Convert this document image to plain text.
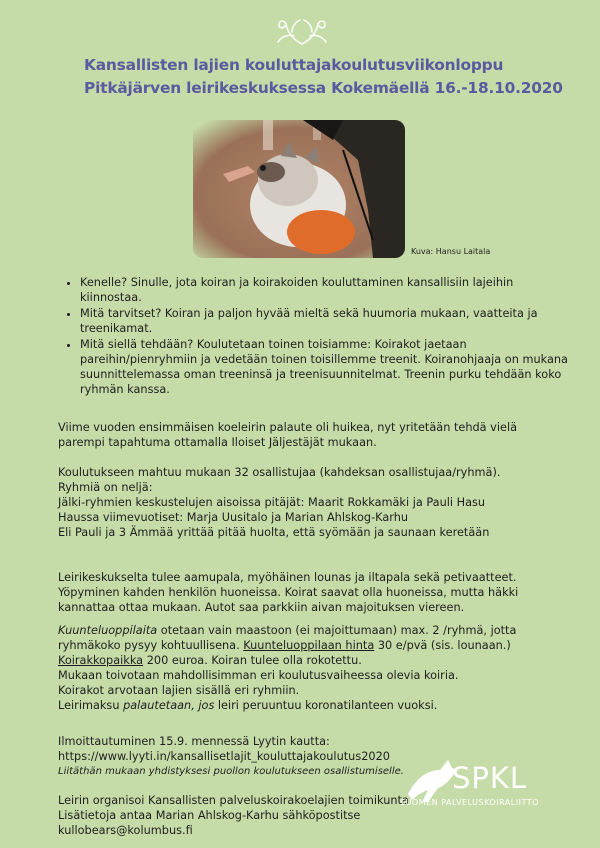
Kansallisten lajien kouluttajakoulutusviikonloppu
Pitkäjärven leirikeskuksessa Kokemäellä 16.-18.10.2020
Kuva: Hansu Laitala
• Kenelle? Sinulle, jota koiran ja koirakoiden kouluttaminen kansallisiin lajeihin kiinnostaa.
• Mitä tarvitset? Koiran ja paljon hyvää mieltä sekä huumoria mukaan, vaatteita ja treenikamat.
• Mitä siellä tehdään? Koulutetaan toinen toisiamme: Koirakot jaetaan pareihin/pienryhmiin ja vedetään toinen toisillemme treenit. Koiranohjaaja on mukana suunnittelemassa oman treeninsä ja treenisuunnitelmat. Treenin purku tehdään koko ryhmän kanssa.

Viime vuoden ensimmäisen koeleirin palaute oli huikea, nyt yritetään tehdä vielä parempi tapahtuma ottamalla Iloiset Jäljestäjät mukaan.

Koulutukseen mahtuu mukaan 32 osallistujaa (kahdeksan osallistujaa/ryhmä).

Ryhmiä on neljä:

Jälki-ryhmien keskustelujen aisoissa pitäjät: Maarit Rokkamäki ja Pauli Hasu

Haussa viimevuotiset: Marja Uusitalo ja Marian Ahlskog-Karhu

Eli Pauli ja 3 Ämmää yrittää pitää huolta, että syömään ja saunaan keretään

Leirikeskukselta tulee aamupala, myöhäinen lounas ja iltapala sekä petivaatteet. Yöpyminen kahden henkilön huoneissa. Koirat saavat olla huoneissa, mutta häkki kannattaa ottaa mukaan. Autot saa parkkiin aivan majoituksen viereen.

Kuunteluoppilaita otetaan vain maastoon (ei majoittumaan) max. 2 /ryhmä, jotta ryhmäkoko pysyy kohtuullisena. Kuunteluoppilaan hinta 30 e/pvä (sis. lounaan.)

Koirakkopaikka 200 euroa. Koiran tulee olla rokotettu.

Mukaan toivotaan mahdollisimman eri koulutusvaiheessa olevia koiria.

Koirakot arvotaan lajien sisällä eri ryhmiin.

Leirimaksu palautetaan, jos leiri peruuntuu koronatilanteen vuoksi.

Ilmoittautuminen 15.9. mennessä Lyytin kautta:

https://www.lyyti.in/kansallisetlajit_kouluttajakoulutus2020

Liitäthän mukaan yhdistyksesi puollon koulutukseen osallistumiselle.

Leirin organisoi Kansallisten palveluskoirakoelajien toimikunta

Lisätietoja antaa Marian Ahlskog-Karhu sähköpostitse

kullobears@kolumbus.fi

SPKL
SUOMEN PALVELUSKOIRALIITTO
